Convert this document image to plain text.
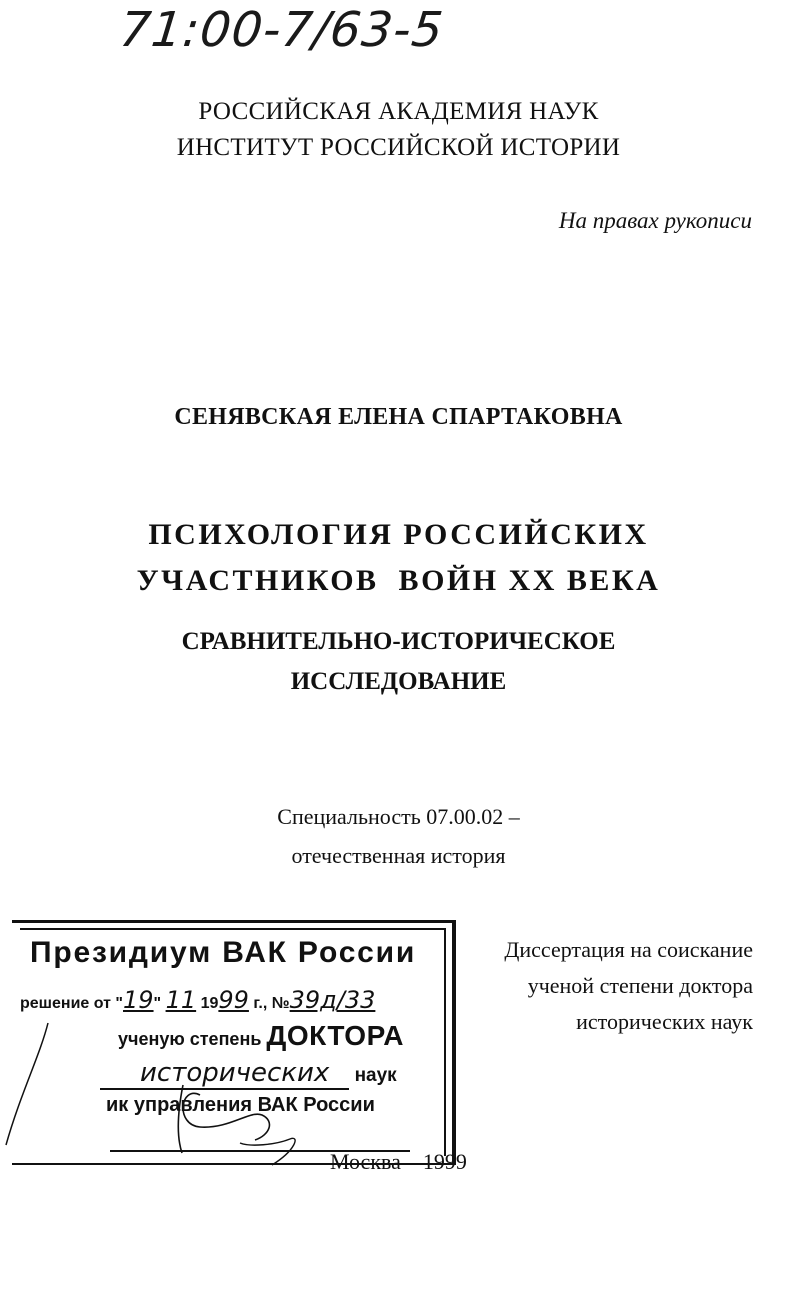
71:00-7/63-5
РОССИЙСКАЯ АКАДЕМИЯ НАУК
ИНСТИТУТ РОССИЙСКОЙ ИСТОРИИ
На правах рукописи
СЕНЯВСКАЯ ЕЛЕНА СПАРТАКОВНА
ПСИХОЛОГИЯ РОССИЙСКИХ
УЧАСТНИКОВ  ВОЙН XX ВЕКА
СРАВНИТЕЛЬНО-ИСТОРИЧЕСКОЕ
ИССЛЕДОВАНИЕ
Специальность 07.00.02 –
отечественная история
Диссертация на соискание
ученой степени доктора
исторических наук
Президиум ВАК России
решение от "19" 11 1999 г., №39д/33
ученую степень ДОКТОРА
исторических наук
ик управления ВАК России
Москва – 1999
